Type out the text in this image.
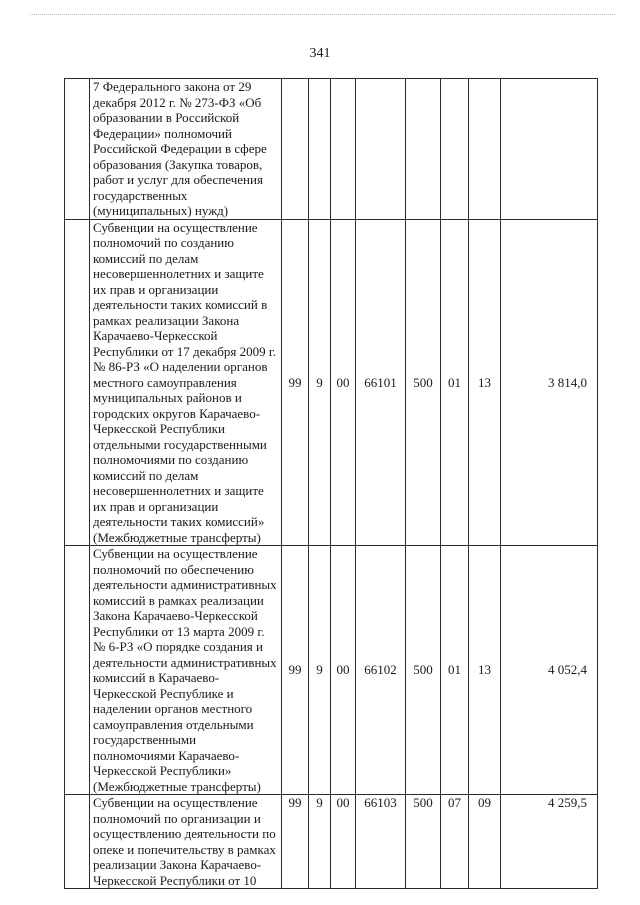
341
	7 Федерального закона от 29 декабря 2012 г. № 273-ФЗ «Об образовании в Российской Федерации» полномочий Российской Федерации в сфере образования (Закупка товаров, работ и услуг для обеспечения государственных (муниципальных) нужд)								
	Субвенции на осуществление полномочий по созданию комиссий по делам несовершеннолетних и защите их прав и организации деятельности таких комиссий в рамках реализации Закона Карачаево-Черкесской Республики от 17 декабря 2009 г. № 86-РЗ «О наделении органов местного самоуправления муниципальных районов и городских округов Карачаево-Черкесской Республики отдельными государственными полномочиями по созданию комиссий по делам несовершеннолетних и защите их прав и организации деятельности таких комиссий» (Межбюджетные трансферты)	99	9	00	66101	500	01	13	3 814,0
	Субвенции на осуществление полномочий по обеспечению деятельности административных комиссий в рамках реализации Закона Карачаево-Черкесской Республики от 13 марта 2009 г. № 6-РЗ «О порядке создания и деятельности административных комиссий в Карачаево-Черкесской Республике и наделении органов местного самоуправления отдельными государственными полномочиями Карачаево-Черкесской Республики» (Межбюджетные трансферты)	99	9	00	66102	500	01	13	4 052,4
	Субвенции на осуществление полномочий по организации и осуществлению деятельности по опеке и попечительству в рамках реализации Закона Карачаево-Черкесской Республики от 10	99	9	00	66103	500	07	09	4 259,5
